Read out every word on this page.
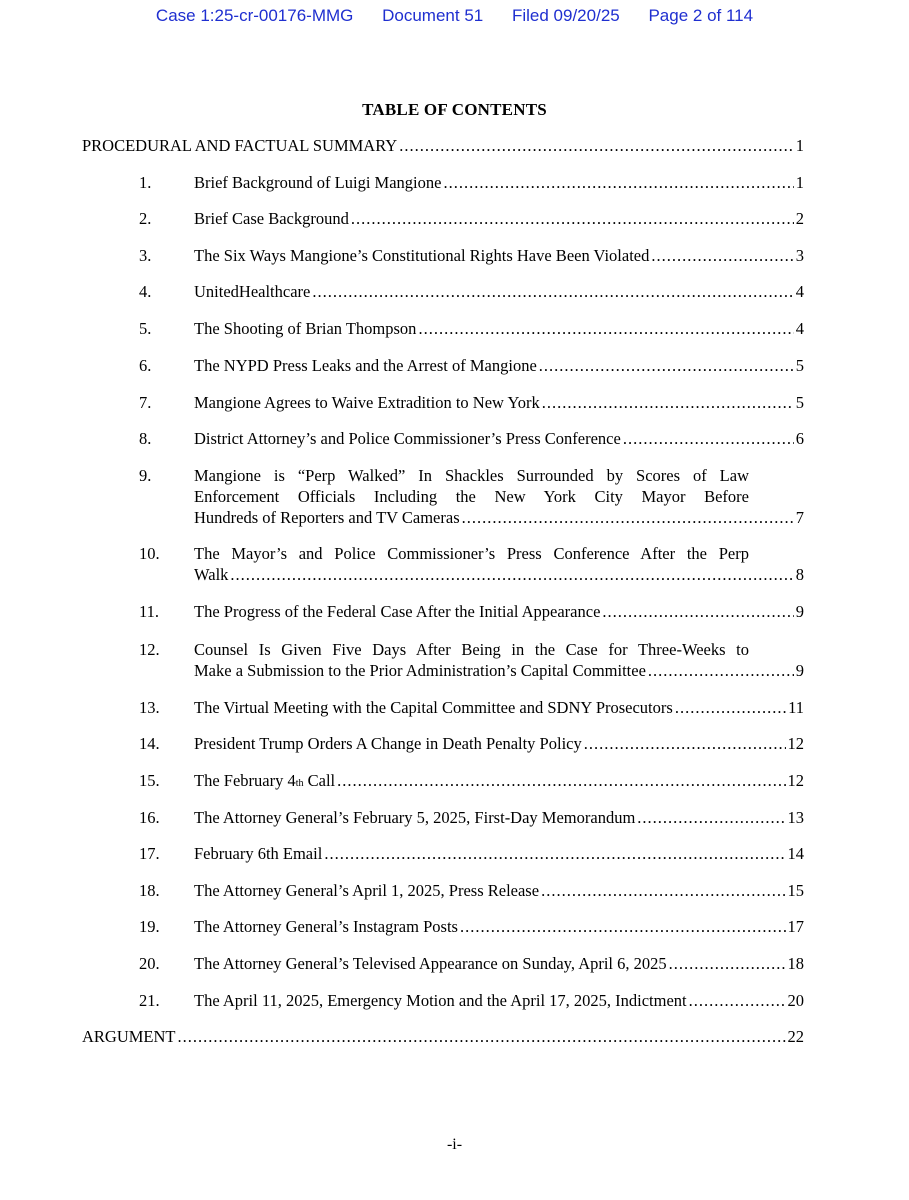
Case 1:25-cr-00176-MMG Document 51 Filed 09/20/25 Page 2 of 114
TABLE OF CONTENTS
PROCEDURAL AND FACTUAL SUMMARY .....	1
1.	Brief Background of Luigi Mangione .....	1
2.	Brief Case Background .....	2
3.	The Six Ways Mangione’s Constitutional Rights Have Been Violated .....	3
4.	UnitedHealthcare .....	4
5.	The Shooting of Brian Thompson .....	4
6.	The NYPD Press Leaks and the Arrest of Mangione .....	5
7.	Mangione Agrees to Waive Extradition to New York .....	5
8.	District Attorney’s and Police Commissioner’s Press Conference .....	6
9.	Mangione is “Perp Walked” In Shackles Surrounded by Scores of Law
Enforcement Officials Including the New York City Mayor Before
Hundreds of Reporters and TV Cameras .....	7
10. The Mayor’s and Police Commissioner’s Press Conference After the Perp
Walk .....	8
11. The Progress of the Federal Case After the Initial Appearance .....	9
12. Counsel Is Given Five Days After Being in the Case for Three-Weeks to
Make a Submission to the Prior Administration’s Capital Committee .....	9
13. The Virtual Meeting with the Capital Committee and SDNY Prosecutors .....	11
14. President Trump Orders A Change in Death Penalty Policy .....	12
15. The February 4 th Call .....	12
16. The Attorney General’s February 5, 2025, First-Day Memorandum .....	13
17. February 6th Email .....	14
18. The Attorney General’s April 1, 2025, Press Release .....	15
19. The Attorney General’s Instagram Posts .....	17
20. The Attorney General’s Televised Appearance on Sunday, April 6, 2025 .....	18
21. The April 11, 2025, Emergency Motion and the April 17, 2025, Indictment .....	20
ARGUMENT .....	22
-i-
